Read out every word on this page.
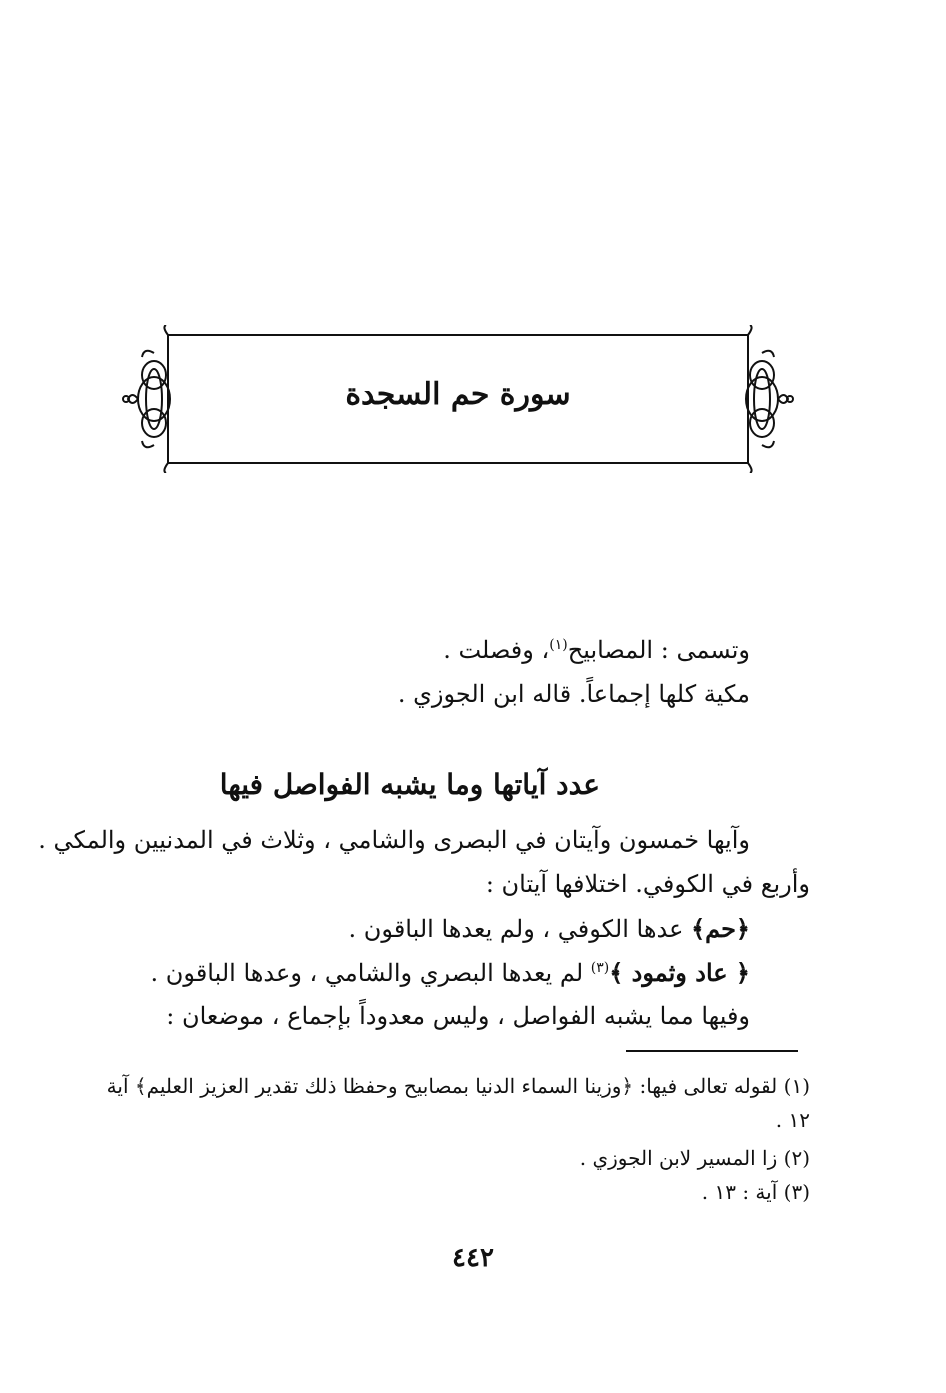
سورة حم السجدة
وتسمى : المصابيح$^{(١)}$، وفصلت .
مكية كلها إجماعاً. قاله ابن الجوزي .
عدد آياتها وما يشبه الفواصل فيها
وآيها خمسون وآيتان في البصرى والشامي ، وثلاث في المدنيين والمكي .
وأربع في الكوفي. اختلافها آيتان :
﴿حم﴾ عدها الكوفي ، ولم يعدها الباقون .
﴿ عاد وثمود ﴾$^{(٣)}$ لم يعدها البصري والشامي ، وعدها الباقون .
وفيها مما يشبه الفواصل ، وليس معدوداً بإجماع ، موضعان :
(١) لقوله تعالى فيها: ﴿وزينا السماء الدنيا بمصابيح وحفظا ذلك تقدير العزيز العليم﴾ آية
١٢ .
(٢) زا المسير لابن الجوزي .
(٣) آية : ١٣ .
٤٤٢
